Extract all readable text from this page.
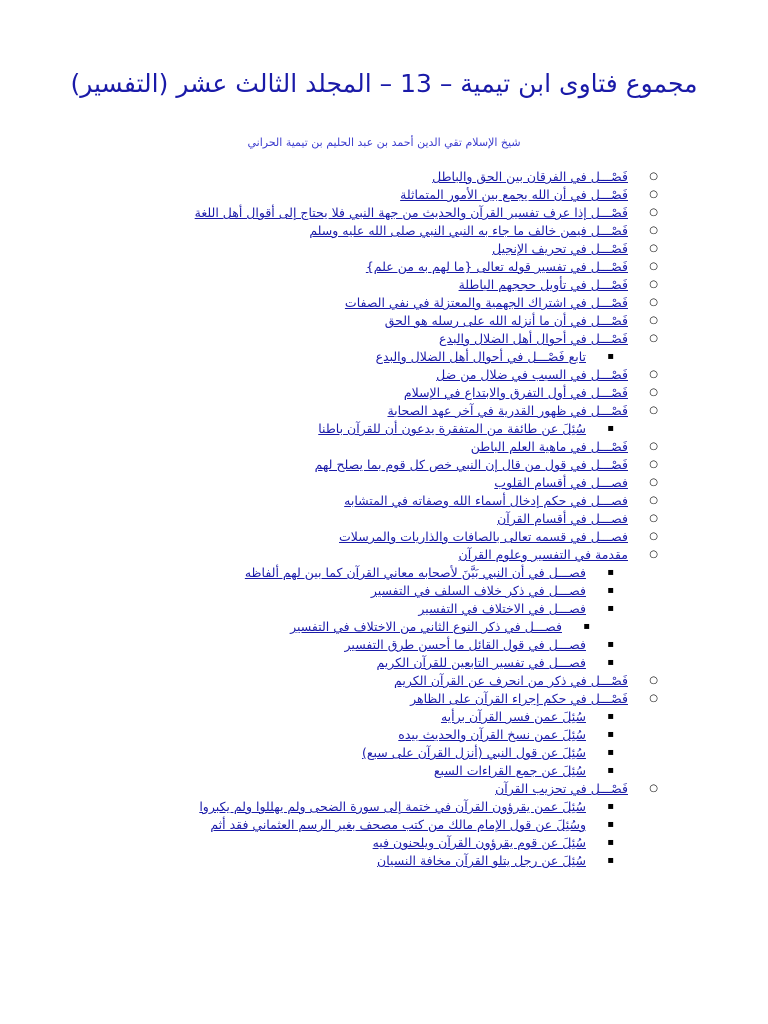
مجموع فتاوى ابن تيمية – 13 – المجلد الثالث عشر (التفسير)

شيخ الإسلام تقي الدين أحمد بن عبد الحليم بن تيمية الحراني

○ فَصْـــل في الفرقان بين الحق والباطل
○ فَصْـــل في أن الله يجمع بين الأمور المتماثلة
○ فَصْـــل إذا عرف تفسير القرآن والحديث من جهة النبي فلا يحتاج إلى أقوال أهل اللغة
○ فَصْـــل فيمن خالف ما جاء به النبي النبي صلى الله عليه وسلم
○ فَصْـــل في تحريف الإنجيل
○ فَصْـــل في تفسير قوله تعالى {ما لهم به من علم}
○ فَصْـــل في تأويل حججهم الباطلة
○ فَصْـــل في اشتراك الجهمية والمعتزلة في نفي الصفات
○ فَصْـــل في أن ما أنزله الله على رسله هو الحق
○ فَصْـــل في أحوال أهل الضلال والبدع
▪ تابع فَصْـــل في أحوال أهل الضلال والبدع
○ فَصْـــل في السبب في ضلال من ضل
○ فَصْـــل في أول التفرق والابتداع في الإسلام
○ فَصْـــل في ظهور القدرية في آخر عهد الصحابة
▪ سُئِلَ عن طائفة من المتفقرة يدعون أن للقرآن باطنا
○ فَصْـــل في ماهية العلم الباطن
○ فَصْـــل في قول من قال إن النبي خص كل قوم بما يصلح لهم
○ فصـــل في أقسام القلوب
○ فصـــل في حكم إدخال أسماء الله وصفاته في المتشابه
○ فصـــل في أقسام القرآن
○ فصـــل في قسمه تعالى بالصافات والذاريات والمرسلات
○ مقدمة في التفسير وعلوم القرآن
▪ فصـــل في أن النبي بَيَّنَ لأصحابه معاني القرآن كما بين لهم ألفاظه
▪ فصـــل في ذكر خلاف السلف في التفسير
▪ فصـــل في الاختلاف في التفسير
▪ فصـــل في ذكر النوع الثاني من الاختلاف في التفسير
▪ فصـــل في قول القائل ما أحسن طرق التفسير
▪ فصـــل في تفسير التابعين للقرآن الكريم
○ فَصْـــل في ذكر من انحرف عن القرآن الكريم
○ فَصْـــل في حكم إجراء القرآن على الظاهر
▪ سُئِلَ عمن فسر القرآن برأيه
▪ سُئِلَ عمن نسخ القرآن والحديث بيده
▪ سُئِلَ عن قول النبي (أنزل القرآن على سبع)
▪ سُئِلَ عن جمع القراءات السبع
○ فَصْـــل في تحزيب القرآن
▪ سُئِلَ عمن يقرؤون القرآن في ختمة إلى سورة الضحى ولم يهللوا ولم يكبروا
▪ وسُئِلَ عن قول الإمام مالك من كتب مصحف بغير الرسم العثماني فقد أثم
▪ سُئِلَ عن قوم يقرؤون القرآن ويلحنون فيه
▪ سُئِلَ عن رجل يتلو القرآن مخافة النسيان
